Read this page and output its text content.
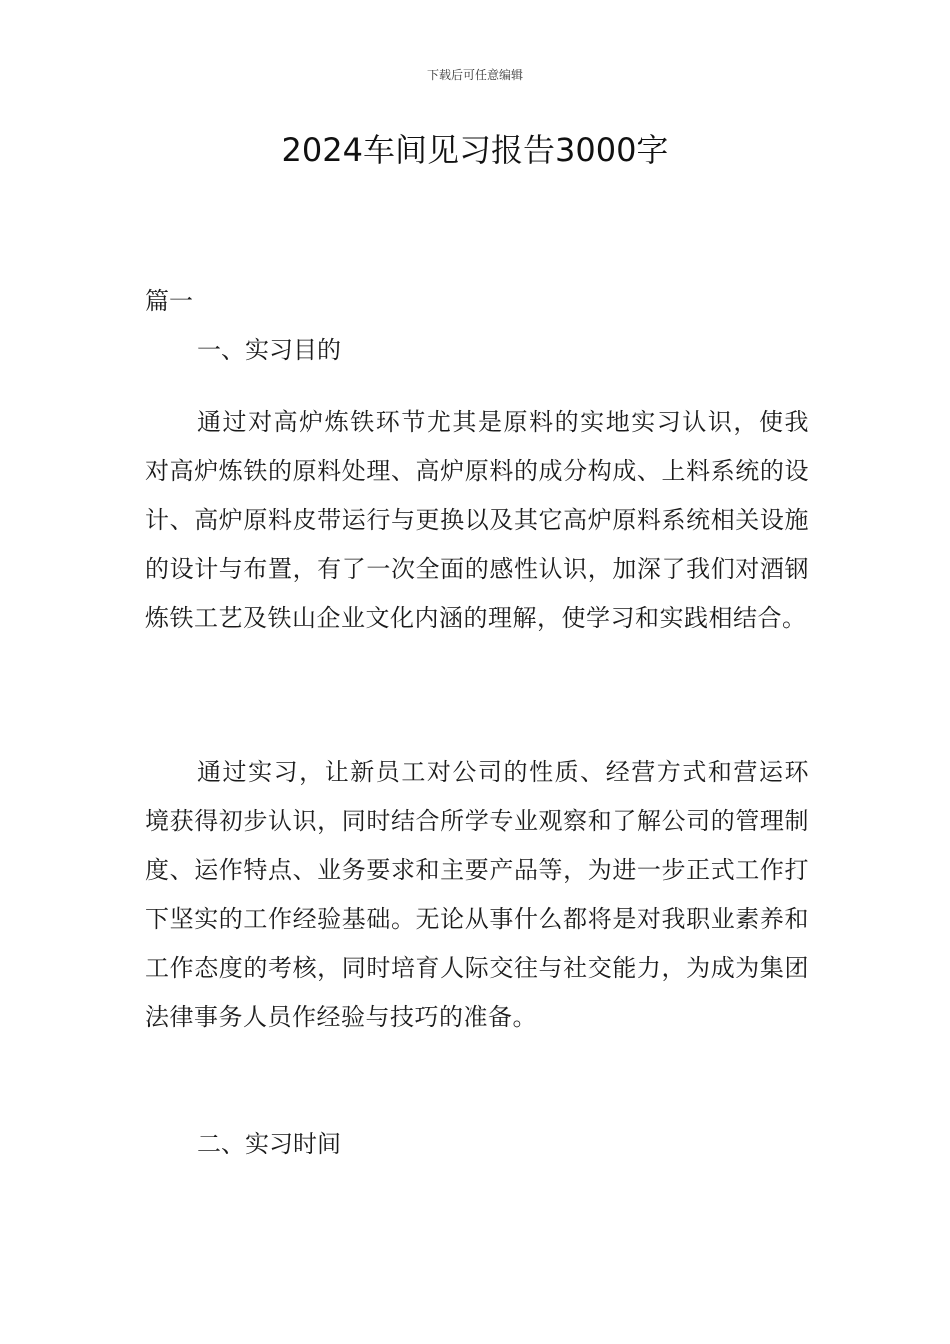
下载后可任意编辑
2024车间见习报告3000字
篇一
一、实习目的

通过对高炉炼铁环节尤其是原料的实地实习认识，使我对高炉炼铁的原料处理、高炉原料的成分构成、上料系统的设计、高炉原料皮带运行与更换以及其它高炉原料系统相关设施的设计与布置，有了一次全面的感性认识，加深了我们对酒钢炼铁工艺及铁山企业文化内涵的理解，使学习和实践相结合。

通过实习，让新员工对公司的性质、经营方式和营运环境获得初步认识，同时结合所学专业观察和了解公司的管理制度、运作特点、业务要求和主要产品等，为进一步正式工作打下坚实的工作经验基础。无论从事什么都将是对我职业素养和工作态度的考核，同时培育人际交往与社交能力，为成为集团法律事务人员作经验与技巧的准备。

二、实习时间
